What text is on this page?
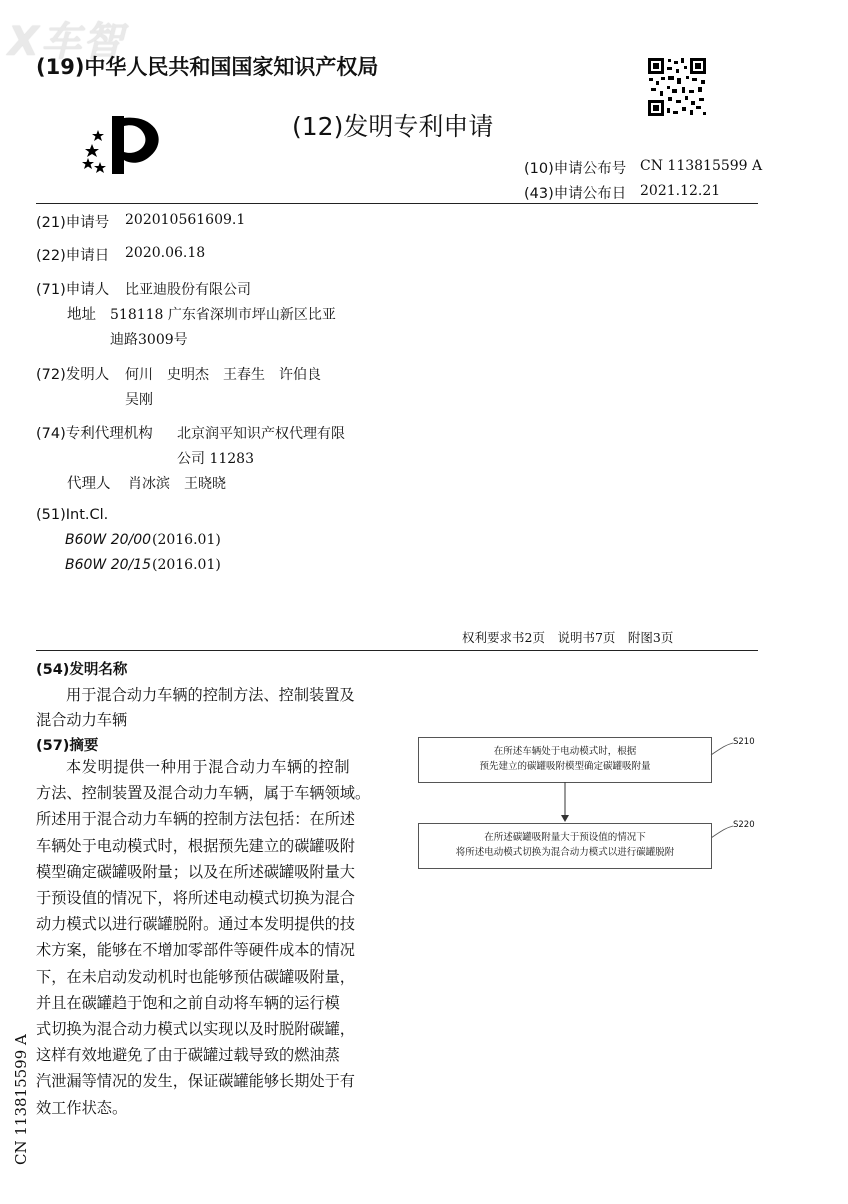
X车智
(19)中华人民共和国国家知识产权局
(12)发明专利申请
(10)申请公布号 CN 113815599 A
(43)申请公布日 2021.12.21
(21)申请号 202010561609.1
(22)申请日 2020.06.18
(71)申请人 比亚迪股份有限公司
地址 518118 广东省深圳市坪山新区比亚
迪路3009号
(72)发明人 何川　史明杰　王春生　许伯良
吴刚
(74)专利代理机构 北京润平知识产权代理有限
公司 11283
代理人 肖冰滨　王晓晓
(51)Int.Cl.
B60W 20/00 (2016.01)
B60W 20/15 (2016.01)
权利要求书2页　说明书7页　附图3页
(54)发明名称
用于混合动力车辆的控制方法、控制装置及
混合动力车辆
(57)摘要
本发明提供一种用于混合动力车辆的控制
方法、控制装置及混合动力车辆，属于车辆领域。
所述用于混合动力车辆的控制方法包括：在所述
车辆处于电动模式时，根据预先建立的碳罐吸附
模型确定碳罐吸附量；以及在所述碳罐吸附量大
于预设值的情况下，将所述电动模式切换为混合
动力模式以进行碳罐脱附。通过本发明提供的技
术方案，能够在不增加零部件等硬件成本的情况
下，在未启动发动机时也能够预估碳罐吸附量，
并且在碳罐趋于饱和之前自动将车辆的运行模
式切换为混合动力模式以实现以及时脱附碳罐，
这样有效地避免了由于碳罐过载导致的燃油蒸
汽泄漏等情况的发生，保证碳罐能够长期处于有
效工作状态。
在所述车辆处于电动模式时，根据
预先建立的碳罐吸附模型确定碳罐吸附量
S210
在所述碳罐吸附量大于预设值的情况下
将所述电动模式切换为混合动力模式以进行碳罐脱附
S220
CN 113815599 A
